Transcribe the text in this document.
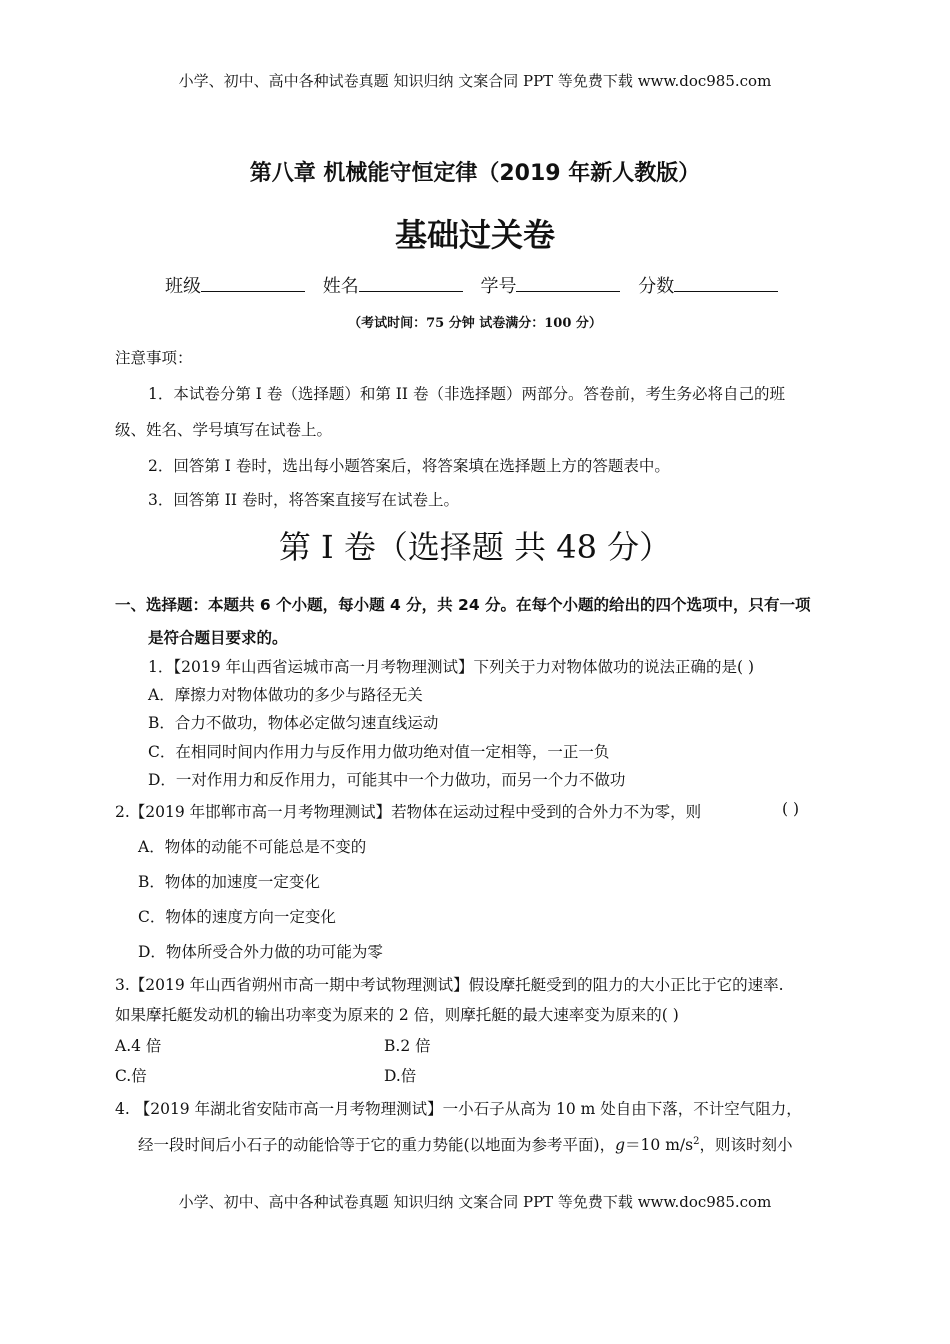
小学、初中、高中各种试卷真题 知识归纳 文案合同 PPT 等免费下载 www.doc985.com
第八章 机械能守恒定律（2019 年新人教版）
基础过关卷
班级	姓名	学号	分数
（考试时间：75 分钟 试卷满分：100 分）
注意事项：
1．本试卷分第 I 卷（选择题）和第 II 卷（非选择题）两部分。答卷前，考生务必将自己的班
级、姓名、学号填写在试卷上。
2．回答第 I 卷时，选出每小题答案后，将答案填在选择题上方的答题表中。
3．回答第 II 卷时，将答案直接写在试卷上。
第 I 卷（选择题 共 48 分）
一、选择题：本题共 6 个小题，每小题 4 分，共 24 分。在每个小题的给出的四个选项中，只有一项
是符合题目要求的。
1．【2019 年山西省运城市高一月考物理测试】下列关于力对物体做功的说法正确的是( )
A．摩擦力对物体做功的多少与路径无关
B．合力不做功，物体必定做匀速直线运动
C．在相同时间内作用力与反作用力做功绝对值一定相等，一正一负
D．一对作用力和反作用力，可能其中一个力做功，而另一个力不做功
2.【2019 年邯郸市高一月考物理测试】若物体在运动过程中受到的合外力不为零，则	( )
A．物体的动能不可能总是不变的
B．物体的加速度一定变化
C．物体的速度方向一定变化
D．物体所受合外力做的功可能为零
3.【2019 年山西省朔州市高一期中考试物理测试】假设摩托艇受到的阻力的大小正比于它的速率.
如果摩托艇发动机的输出功率变为原来的 2 倍，则摩托艇的最大速率变为原来的( )
A.4 倍	B.2 倍
C.倍	D.倍
4. 【2019 年湖北省安陆市高一月考物理测试】一小石子从高为 10 m 处自由下落，不计空气阻力，
经一段时间后小石子的动能恰等于它的重力势能(以地面为参考平面)，g＝10 $m/s^2$，则该时刻小
小学、初中、高中各种试卷真题 知识归纳 文案合同 PPT 等免费下载 www.doc985.com
